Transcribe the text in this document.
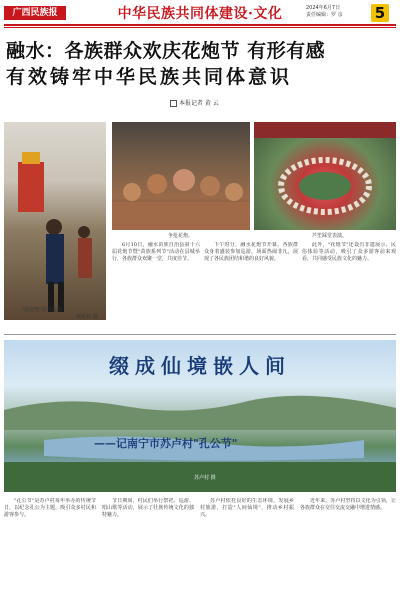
广西民族报	中华民族共同体建设·文化	2024年6月7日
责任编辑：罗 彦 5
融水：各族群众欢庆花炮节 有形有感
有效铸牢中华民族共同体意识
本报记者 黄 云
"抢花炮"前先巡游。
郁东权 摄
争抢花炮。	芦笙踩堂表演。

6月10日，融水苗族自治县第十六届花炮节暨"苗族系列节"活动在县城举行，各族群众欢聚一堂，共度佳节。

下午时分，融水花炮节开幕，各族群众身着盛装参加巡游，场面热闹非凡，展现了各民族团结和谐的良好风貌。

此外，"花炮节"还设有非遗展示、民俗体验等活动，吸引了众多游客前来观看，共同感受民族文化的魅力。

缀成仙境嵌人间
——记南宁市苏卢村"孔公节"
苏卢村 摄

"孔公节"是苏卢村每年举办的传统节日，以纪念孔公为主题，吸引众多村民和游客参与。

节日期间，村民们举行祭祀、巡游、唱山歌等活动，展示了壮族传统文化的独特魅力。

苏卢村依托良好的生态环境，发展乡村旅游，打造"人间仙境"，推动乡村振兴。

近年来，苏卢村坚持以文化为引领，让各族群众在交往交流交融中增进情感。
